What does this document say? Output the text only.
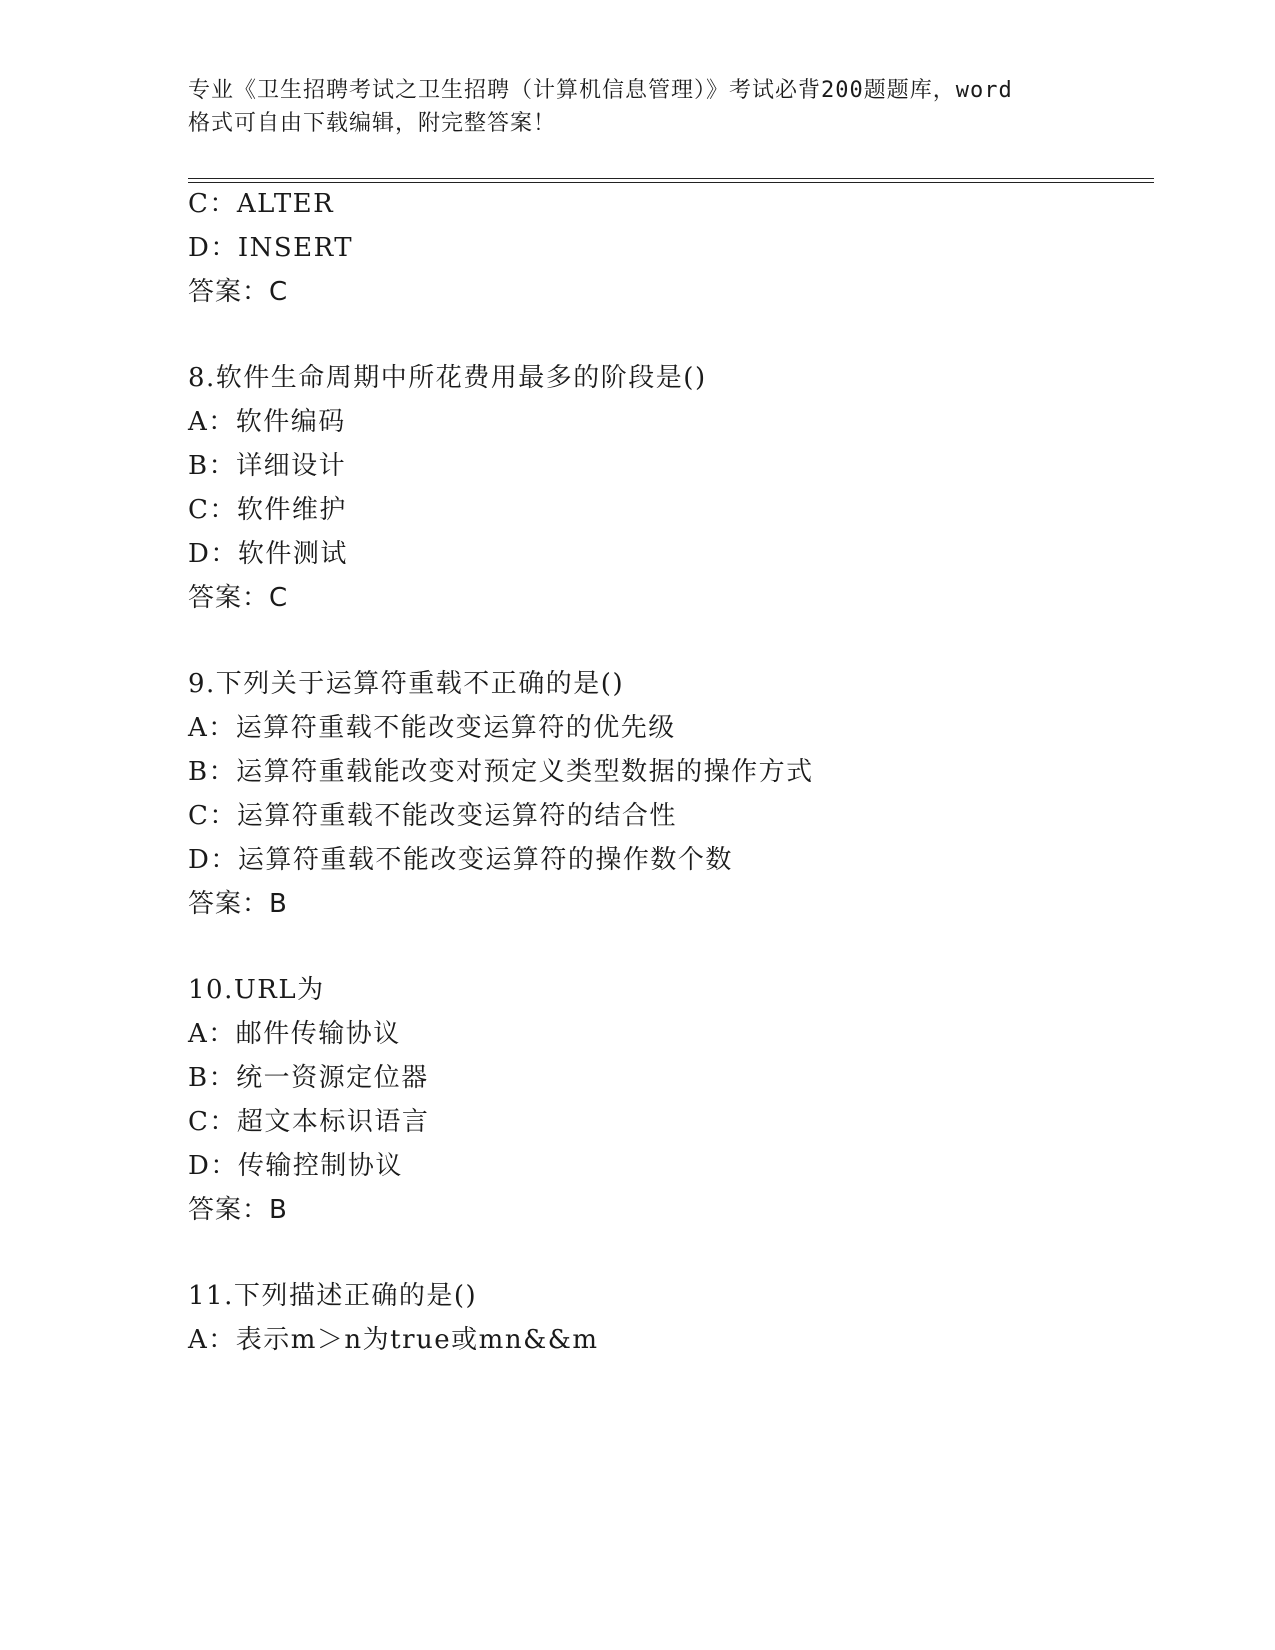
专业《卫生招聘考试之卫生招聘（计算机信息管理）》考试必背200题题库，word
格式可自由下载编辑，附完整答案！
C：ALTER
D：INSERT
答案：C
8.软件生命周期中所花费用最多的阶段是()
A：软件编码
B：详细设计
C：软件维护
D：软件测试
答案：C
9.下列关于运算符重载不正确的是()
A：运算符重载不能改变运算符的优先级
B：运算符重载能改变对预定义类型数据的操作方式
C：运算符重载不能改变运算符的结合性
D：运算符重载不能改变运算符的操作数个数
答案：B
10.URL为
A：邮件传输协议
B：统一资源定位器
C：超文本标识语言
D：传输控制协议
答案：B
11.下列描述正确的是()
A：表示m＞n为true或mn&&m
